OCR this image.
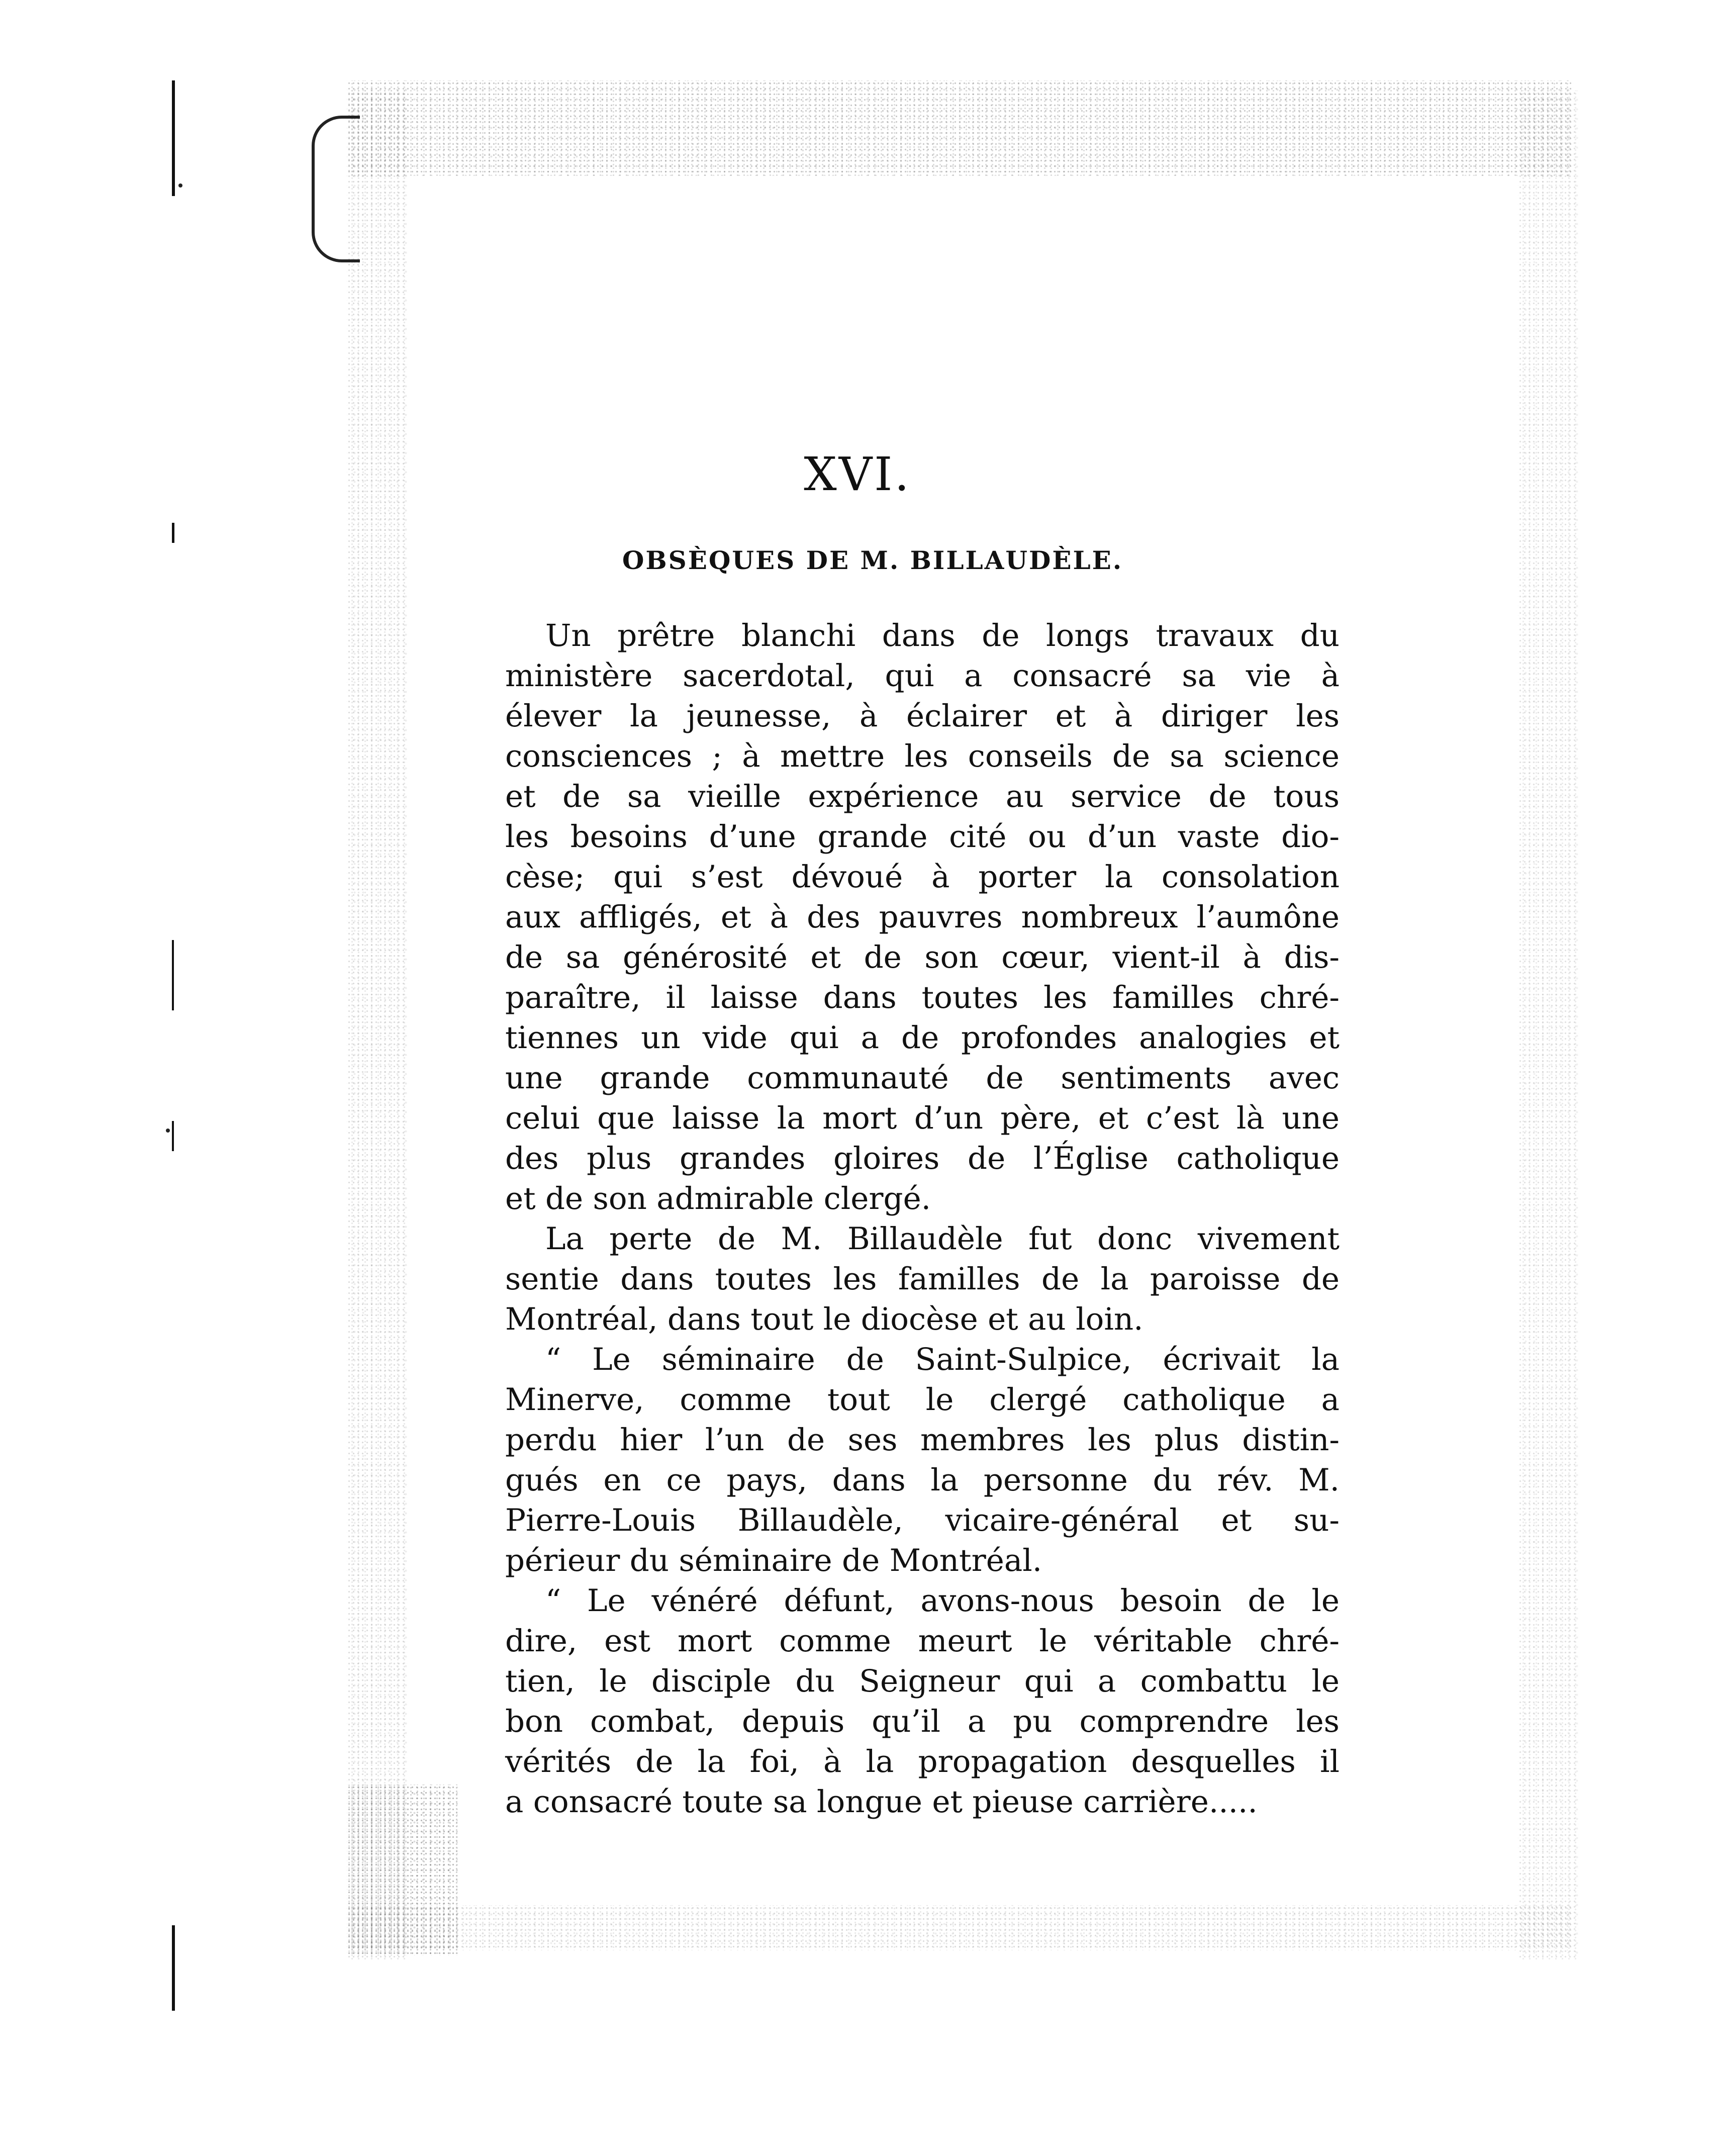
XVI.
OBSÈQUES DE M. BILLAUDÈLE.
Un prêtre blanchi dans de longs travaux du
ministère sacerdotal, qui a consacré sa vie à
élever la jeunesse, à éclairer et à diriger les
consciences ; à mettre les conseils de sa science
et de sa vieille expérience au service de tous
les besoins d’une grande cité ou d’un vaste dio-
cèse; qui s’est dévoué à porter la consolation
aux affligés, et à des pauvres nombreux l’aumône
de sa générosité et de son cœur, vient-il à dis-
paraître, il laisse dans toutes les familles chré-
tiennes un vide qui a de profondes analogies et
une grande communauté de sentiments avec
celui que laisse la mort d’un père, et c’est là une
des plus grandes gloires de l’Église catholique
et de son admirable clergé.
La perte de M. Billaudèle fut donc vivement
sentie dans toutes les familles de la paroisse de
Montréal, dans tout le diocèse et au loin.
“ Le séminaire de Saint-Sulpice, écrivait la
Minerve, comme tout le clergé catholique a
perdu hier l’un de ses membres les plus distin-
gués en ce pays, dans la personne du rév. M.
Pierre-Louis Billaudèle, vicaire-général et su-
périeur du séminaire de Montréal.
“ Le vénéré défunt, avons-nous besoin de le
dire, est mort comme meurt le véritable chré-
tien, le disciple du Seigneur qui a combattu le
bon combat, depuis qu’il a pu comprendre les
vérités de la foi, à la propagation desquelles il
a consacré toute sa longue et pieuse carrière.....
